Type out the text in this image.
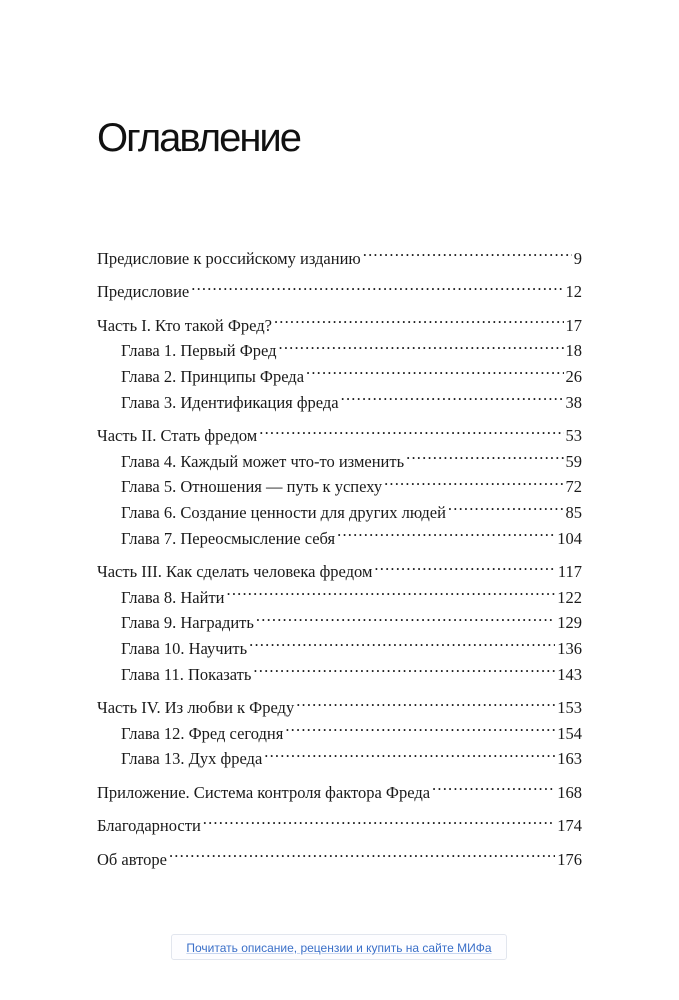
Оглавление
Предисловие к российскому изданию .....	9
Предисловие .....	12
Часть I. Кто такой Фред? .....	17
Глава 1. Первый Фред .....	18
Глава 2. Принципы Фреда .....	26
Глава 3. Идентификация фреда .....	38
Часть II. Стать фредом .....	53
Глава 4. Каждый может что-то изменить .....	59
Глава 5. Отношения — путь к успеху .....	72
Глава 6. Создание ценности для других людей .....	85
Глава 7. Переосмысление себя .....	104
Часть III. Как сделать человека фредом .....	117
Глава 8. Найти .....	122
Глава 9. Наградить .....	129
Глава 10. Научить .....	136
Глава 11. Показать .....	143
Часть IV. Из любви к Фреду .....	153
Глава 12. Фред сегодня .....	154
Глава 13. Дух фреда .....	163
Приложение. Система контроля фактора Фреда .....	168
Благодарности .....	174
Об авторе .....	176
Почитать описание, рецензии и купить на сайте МИФа
